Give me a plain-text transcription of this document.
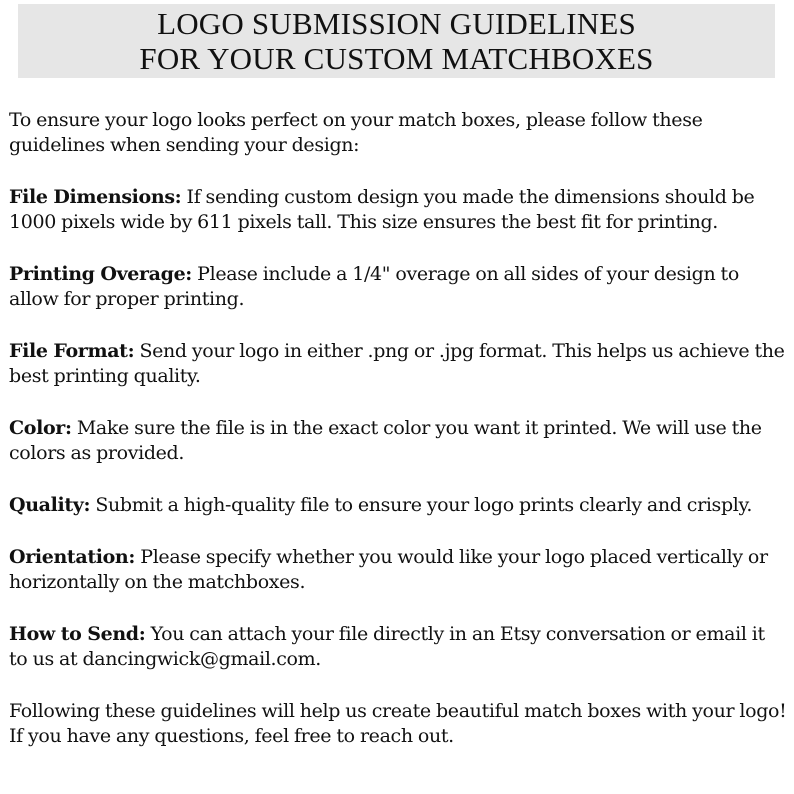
LOGO SUBMISSION GUIDELINES
FOR YOUR CUSTOM MATCHBOXES

To ensure your logo looks perfect on your match boxes, please follow these guidelines when sending your design:

File Dimensions: If sending custom design you made the dimensions should be 1000 pixels wide by 611 pixels tall. This size ensures the best fit for printing.

Printing Overage: Please include a 1/4" overage on all sides of your design to allow for proper printing.

File Format: Send your logo in either .png or .jpg format. This helps us achieve the best printing quality.

Color: Make sure the file is in the exact color you want it printed. We will use the colors as provided.

Quality: Submit a high-quality file to ensure your logo prints clearly and crisply.

Orientation: Please specify whether you would like your logo placed vertically or horizontally on the matchboxes.

How to Send: You can attach your file directly in an Etsy conversation or email it to us at dancingwick@gmail.com.

Following these guidelines will help us create beautiful match boxes with your logo! If you have any questions, feel free to reach out.
